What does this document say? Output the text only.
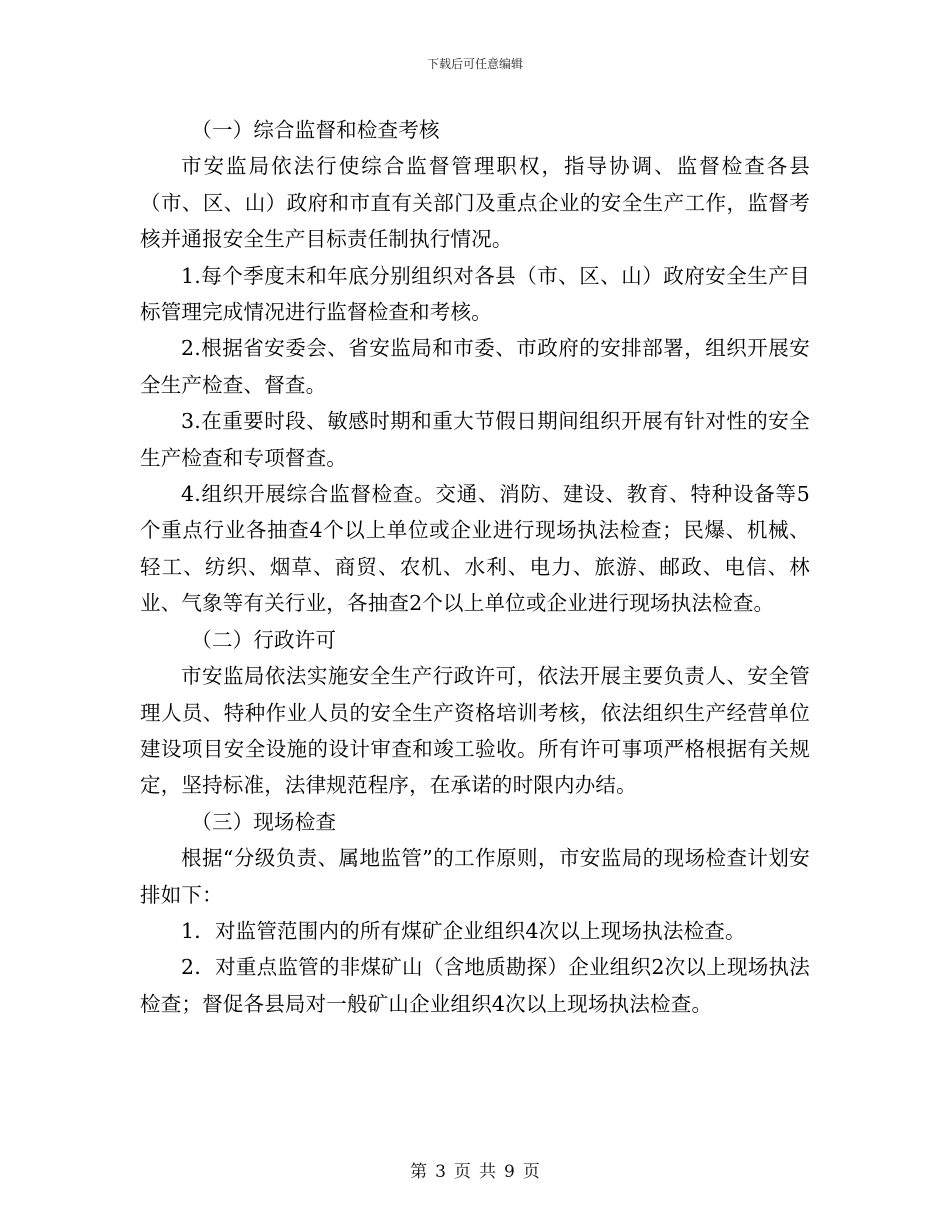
下载后可任意编辑

（一）综合监督和检查考核

市安监局依法行使综合监督管理职权，指导协调、监督检查各县（市、区、山）政府和市直有关部门及重点企业的安全生产工作，监督考核并通报安全生产目标责任制执行情况。

1.每个季度末和年底分别组织对各县（市、区、山）政府安全生产目标管理完成情况进行监督检查和考核。

2.根据省安委会、省安监局和市委、市政府的安排部署，组织开展安全生产检查、督查。

3.在重要时段、敏感时期和重大节假日期间组织开展有针对性的安全生产检查和专项督查。

4.组织开展综合监督检查。交通、消防、建设、教育、特种设备等5个重点行业各抽查4个以上单位或企业进行现场执法检查；民爆、机械、轻工、纺织、烟草、商贸、农机、水利、电力、旅游、邮政、电信、林业、气象等有关行业，各抽查2个以上单位或企业进行现场执法检查。

（二）行政许可

市安监局依法实施安全生产行政许可，依法开展主要负责人、安全管理人员、特种作业人员的安全生产资格培训考核，依法组织生产经营单位建设项目安全设施的设计审查和竣工验收。所有许可事项严格根据有关规定，坚持标准，法律规范程序，在承诺的时限内办结。

（三）现场检查

根据“分级负责、属地监管”的工作原则，市安监局的现场检查计划安排如下：

1．对监管范围内的所有煤矿企业组织4次以上现场执法检查。

2．对重点监管的非煤矿山（含地质勘探）企业组织2次以上现场执法检查；督促各县局对一般矿山企业组织4次以上现场执法检查。

第 3 页 共 9 页
